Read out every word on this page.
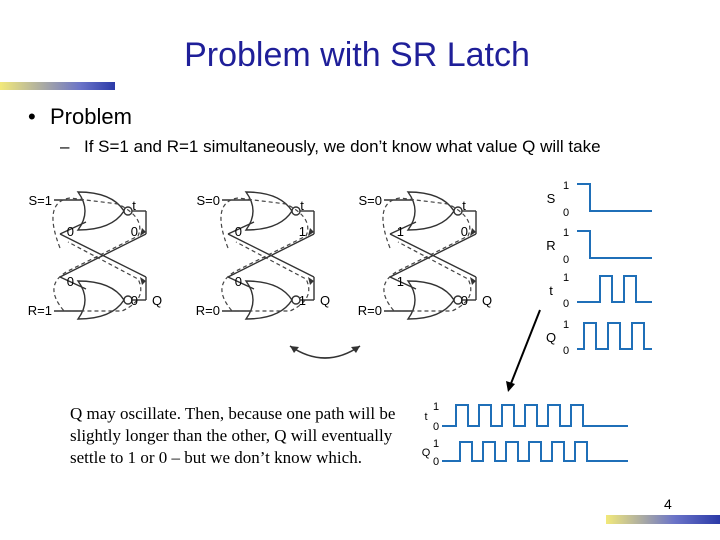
Problem with SR Latch
• Problem
– If S=1 and R=1 simultaneously, we don’t know what value Q will take
S=1
R=1
0	0
0
0
t
Q
S=0
R=0
0	1
0
1
t
Q
S=0
R=0
1	0
1
0
t
Q
1
0
S
1
0
R
1
0
t
1
0
Q
1
0
t
1
0
Q
Q may oscillate. Then, because one path will be
slightly longer than the other, Q will eventually
settle to 1 or 0 – but we don’t know which.
4
